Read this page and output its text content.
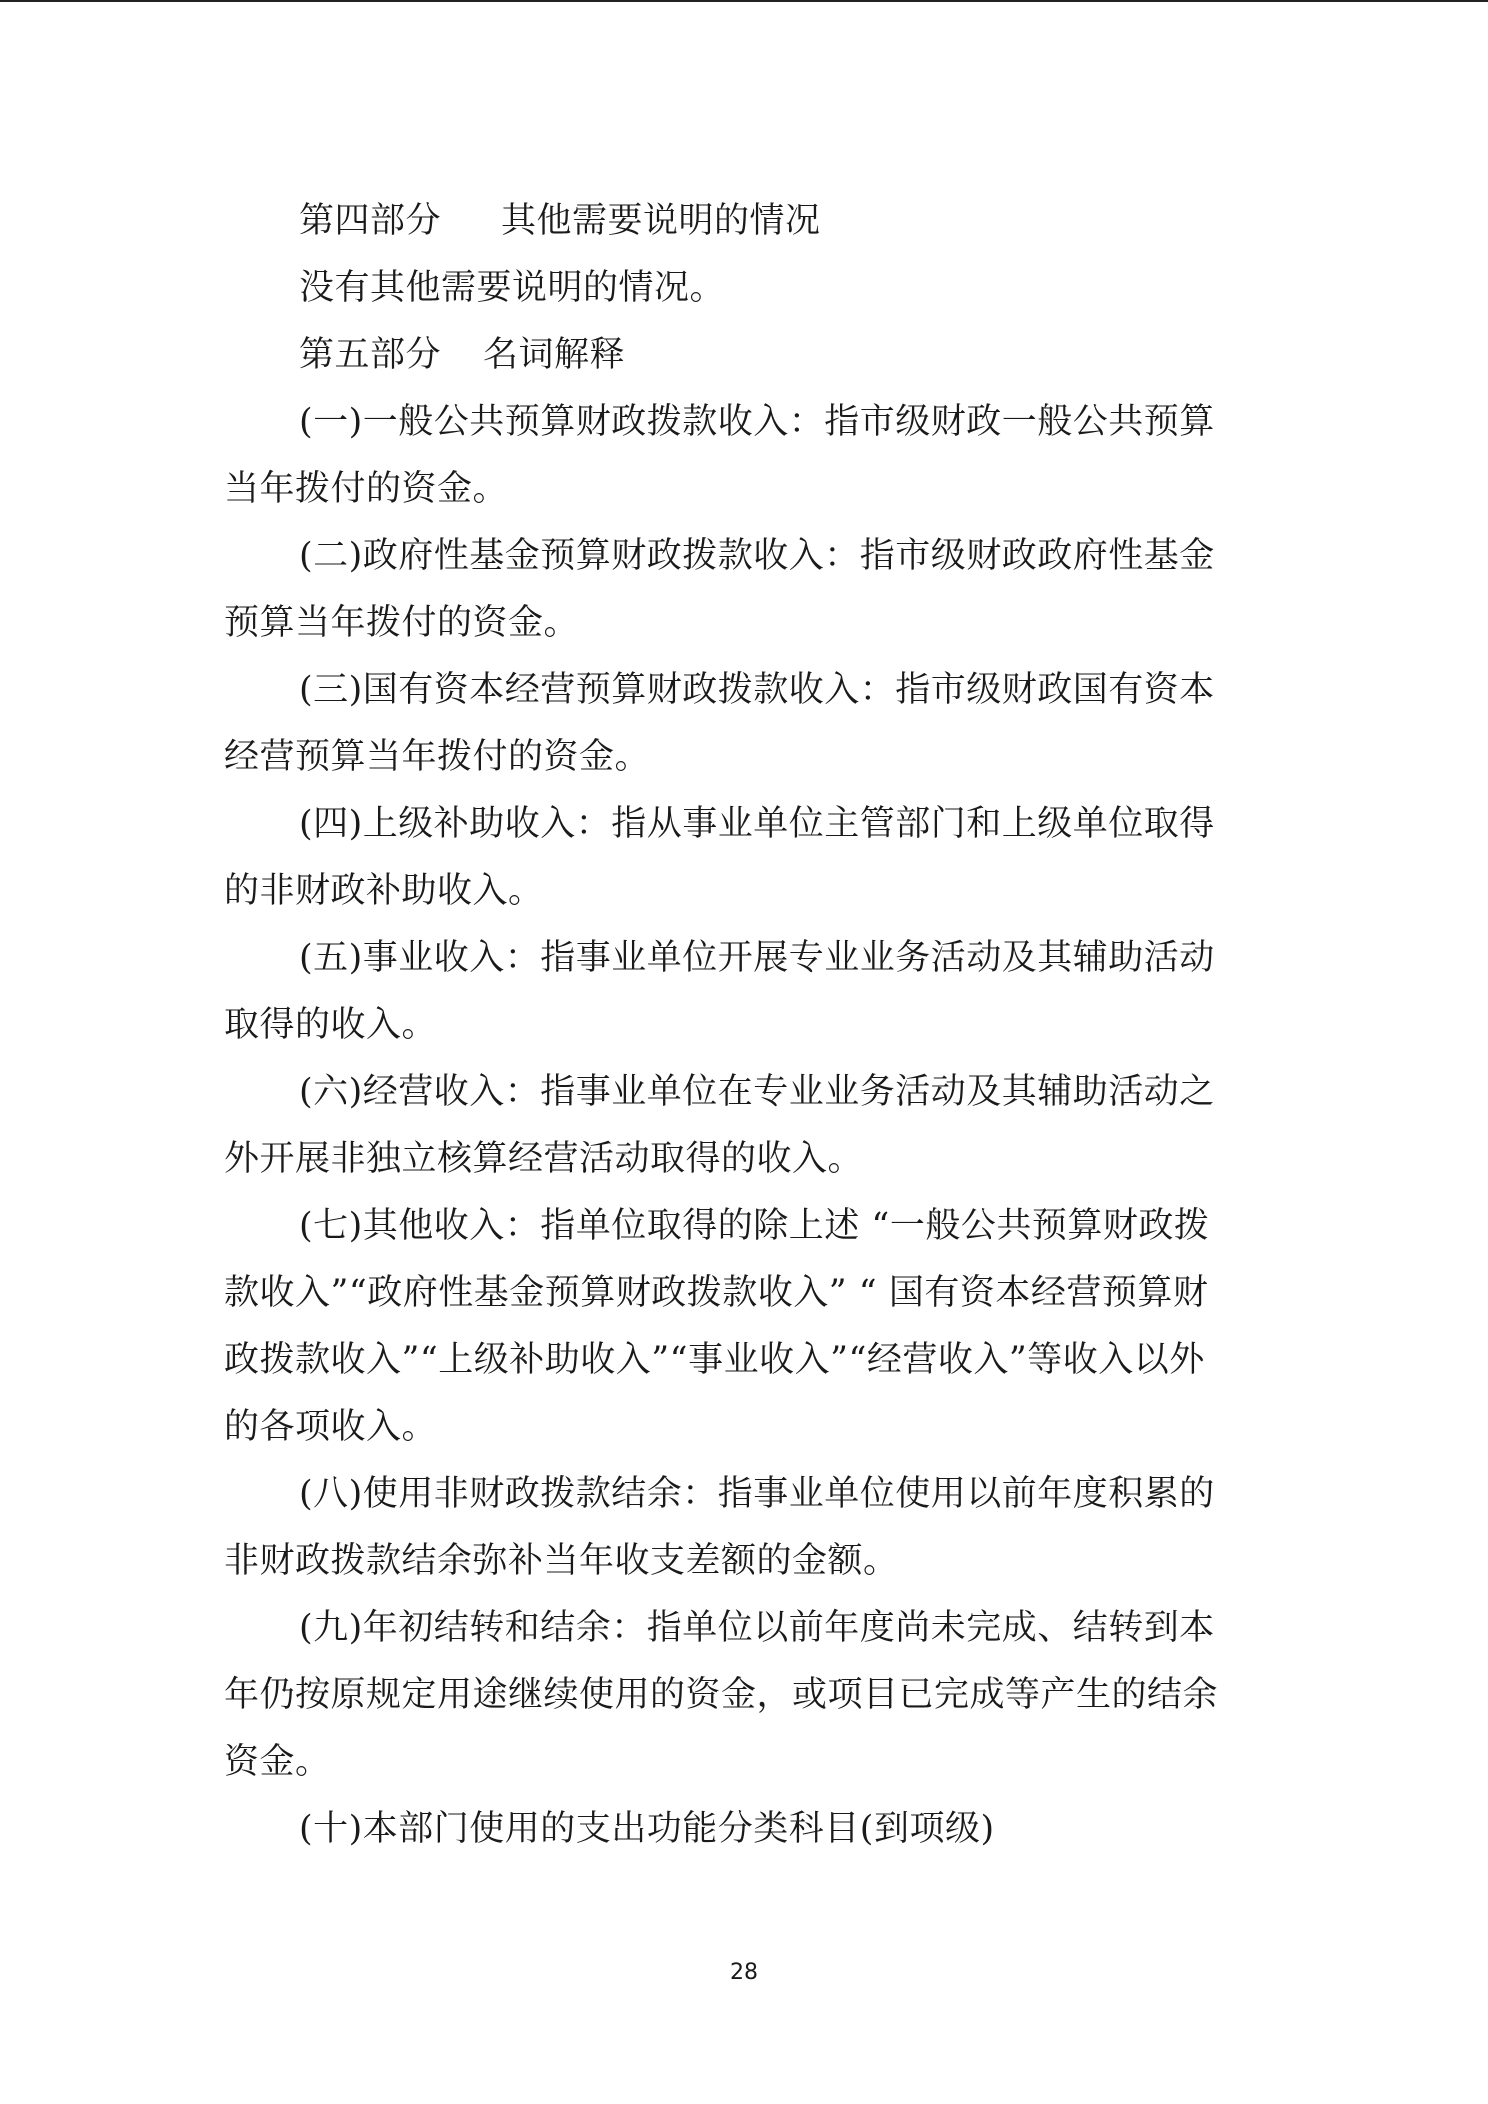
第四部分 其他需要说明的情况
没有其他需要说明的情况。
第五部分 名词解释
(一)一般公共预算财政拨款收入：指市级财政一般公共预算
当年拨付的资金。
(二)政府性基金预算财政拨款收入：指市级财政政府性基金
预算当年拨付的资金。
(三)国有资本经营预算财政拨款收入：指市级财政国有资本
经营预算当年拨付的资金。
(四)上级补助收入：指从事业单位主管部门和上级单位取得
的非财政补助收入。
(五)事业收入：指事业单位开展专业业务活动及其辅助活动
取得的收入。
(六)经营收入：指事业单位在专业业务活动及其辅助活动之
外开展非独立核算经营活动取得的收入。
(七)其他收入：指单位取得的除上述 “一般公共预算财政拨
款收入”“政府性基金预算财政拨款收入” “ 国有资本经营预算财
政拨款收入”“上级补助收入”“事业收入”“经营收入”等收入以外
的各项收入。
(八)使用非财政拨款结余：指事业单位使用以前年度积累的
非财政拨款结余弥补当年收支差额的金额。
(九)年初结转和结余：指单位以前年度尚未完成、结转到本
年仍按原规定用途继续使用的资金，或项目已完成等产生的结余
资金。
(十)本部门使用的支出功能分类科目(到项级)
28
